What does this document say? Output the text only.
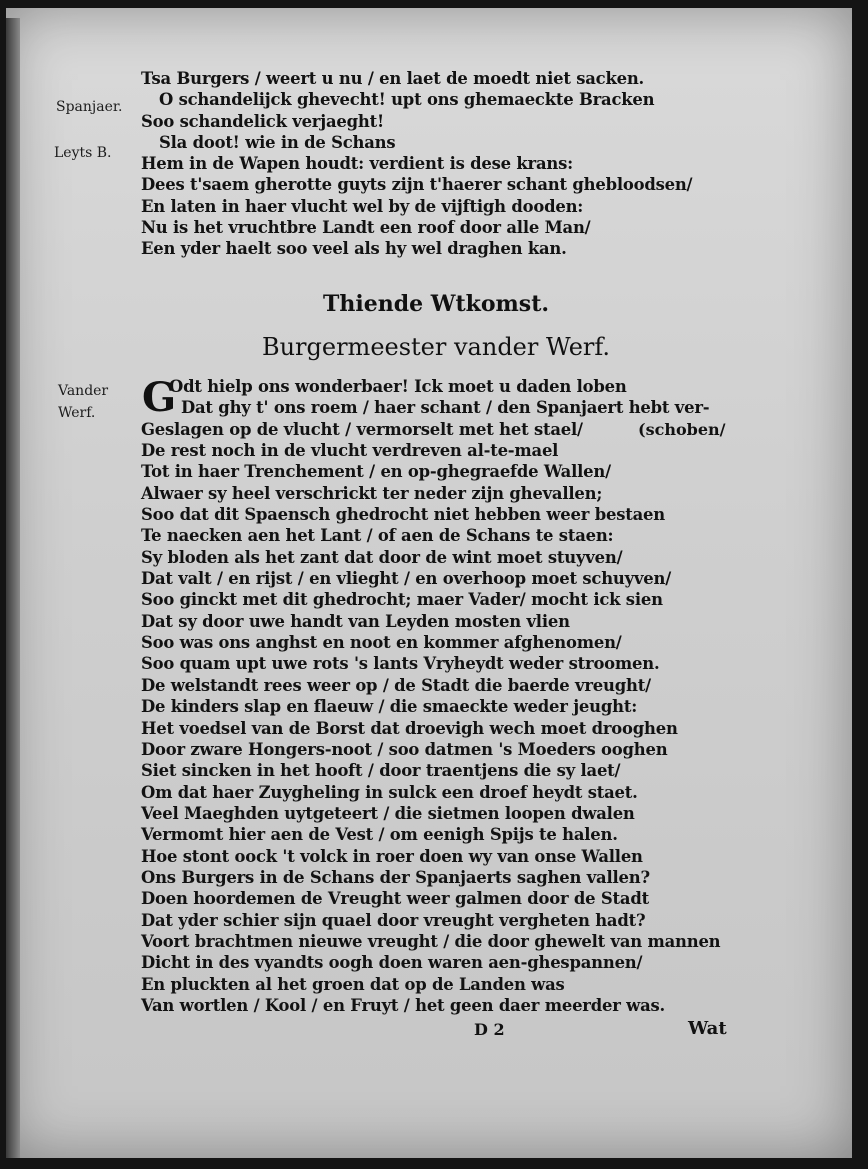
Spanjaer.
Leyts B.
Tsa Burgers / weert u nu / en laet de moedt niet sacken.
O schandelijck ghevecht! upt ons ghemaeckte Bracken
Soo schandelick verjaeght!
Sla doot! wie in de Schans
Hem in de Wapen houdt: verdient is dese krans:
Dees t'saem gherotte guyts zijn t'haerer schant ghebloodsen/
En laten in haer vlucht wel by de vijftigh dooden:
Nu is het vruchtbre Landt een roof door alle Man/
Een yder haelt soo veel als hy wel draghen kan.
Thiende Wtkomst.
Burgermeester vander Werf.
Vander
Werf. G
Odt hielp ons wonderbaer! Ick moet u daden loben
Dat ghy t' ons roem / haer schant / den Spanjaert hebt ver-
Geslagen op de vlucht / vermorselt met het stael/
De rest noch in de vlucht verdreven al-te-mael
Tot in haer Trenchement / en op-ghegraefde Wallen/
Alwaer sy heel verschrickt ter neder zijn ghevallen;
Soo dat dit Spaensch ghedrocht niet hebben weer bestaen
Te naecken aen het Lant / of aen de Schans te staen:
Sy bloden als het zant dat door de wint moet stuyven/
Dat valt / en rijst / en vlieght / en overhoop moet schuyven/
Soo ginckt met dit ghedrocht; maer Vader/ mocht ick sien
Dat sy door uwe handt van Leyden mosten vlien
Soo was ons anghst en noot en kommer afghenomen/
Soo quam upt uwe rots 's lants Vryheydt weder stroomen.
De welstandt rees weer op / de Stadt die baerde vreught/
De kinders slap en flaeuw / die smaeckte weder jeught:
Het voedsel van de Borst dat droevigh wech moet drooghen
Door zware Hongers-noot / soo datmen 's Moeders ooghen
Siet sincken in het hooft / door traentjens die sy laet/
Om dat haer Zuygheling in sulck een droef heydt staet.
Veel Maeghden uytgeteert / die sietmen loopen dwalen
Vermomt hier aen de Vest / om eenigh Spijs te halen.
Hoe stont oock 't volck in roer doen wy van onse Wallen
Ons Burgers in de Schans der Spanjaerts saghen vallen?
Doen hoordemen de Vreught weer galmen door de Stadt
Dat yder schier sijn quael door vreught vergheten hadt?
Voort brachtmen nieuwe vreught / die door ghewelt van mannen
Dicht in des vyandts oogh doen waren aen-ghespannen/
En pluckten al het groen dat op de Landen was
Van wortlen / Kool / en Fruyt / het geen daer meerder was.
(schoben/
D 2	Wat
